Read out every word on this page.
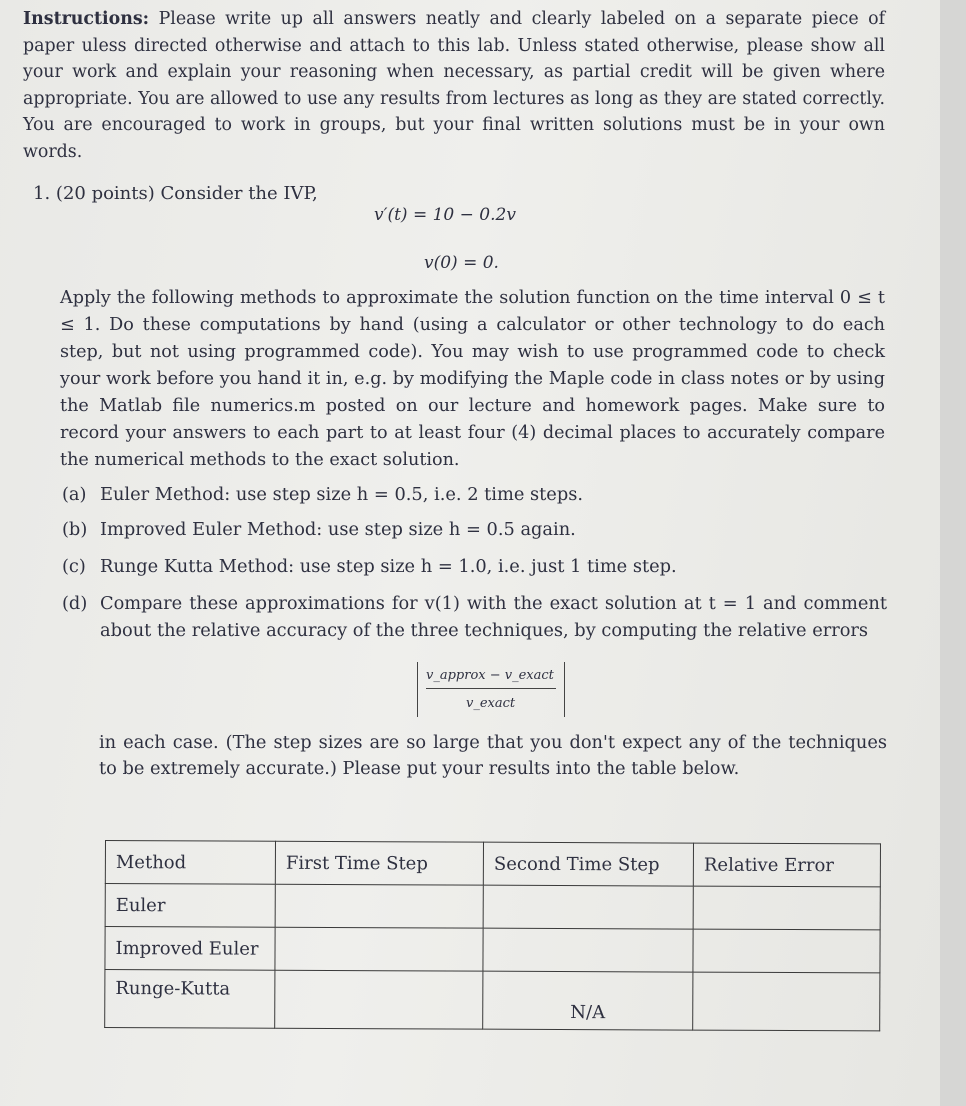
Instructions: Please write up all answers neatly and clearly labeled on a separate piece of paper uless directed otherwise and attach to this lab. Unless stated otherwise, please show all your work and explain your reasoning when necessary, as partial credit will be given where appropriate. You are allowed to use any results from lectures as long as they are stated correctly. You are encouraged to work in groups, but your final written solutions must be in your own words.
1. (20 points) Consider the IVP,
v′(t) = 10 − 0.2v
v(0) = 0.
Apply the following methods to approximate the solution function on the time interval 0 ≤ t ≤ 1. Do these computations by hand (using a calculator or other technology to do each step, but not using programmed code). You may wish to use programmed code to check your work before you hand it in, e.g. by modifying the Maple code in class notes or by using the Matlab file numerics.m posted on our lecture and homework pages. Make sure to record your answers to each part to at least four (4) decimal places to accurately compare the numerical methods to the exact solution.
(a) Euler Method: use step size h = 0.5, i.e. 2 time steps.
(b) Improved Euler Method: use step size h = 0.5 again.
(c) Runge Kutta Method: use step size h = 1.0, i.e. just 1 time step.
(d) Compare these approximations for v(1) with the exact solution at t = 1 and comment about the relative accuracy of the three techniques, by computing the relative errors
v_approx − v_exact
v_exact
in each case. (The step sizes are so large that you don't expect any of the techniques to be extremely accurate.) Please put your results into the table below.
Method	First Time Step	Second Time Step	Relative Error
Euler			
Improved Euler			
Runge-Kutta		N/A	
